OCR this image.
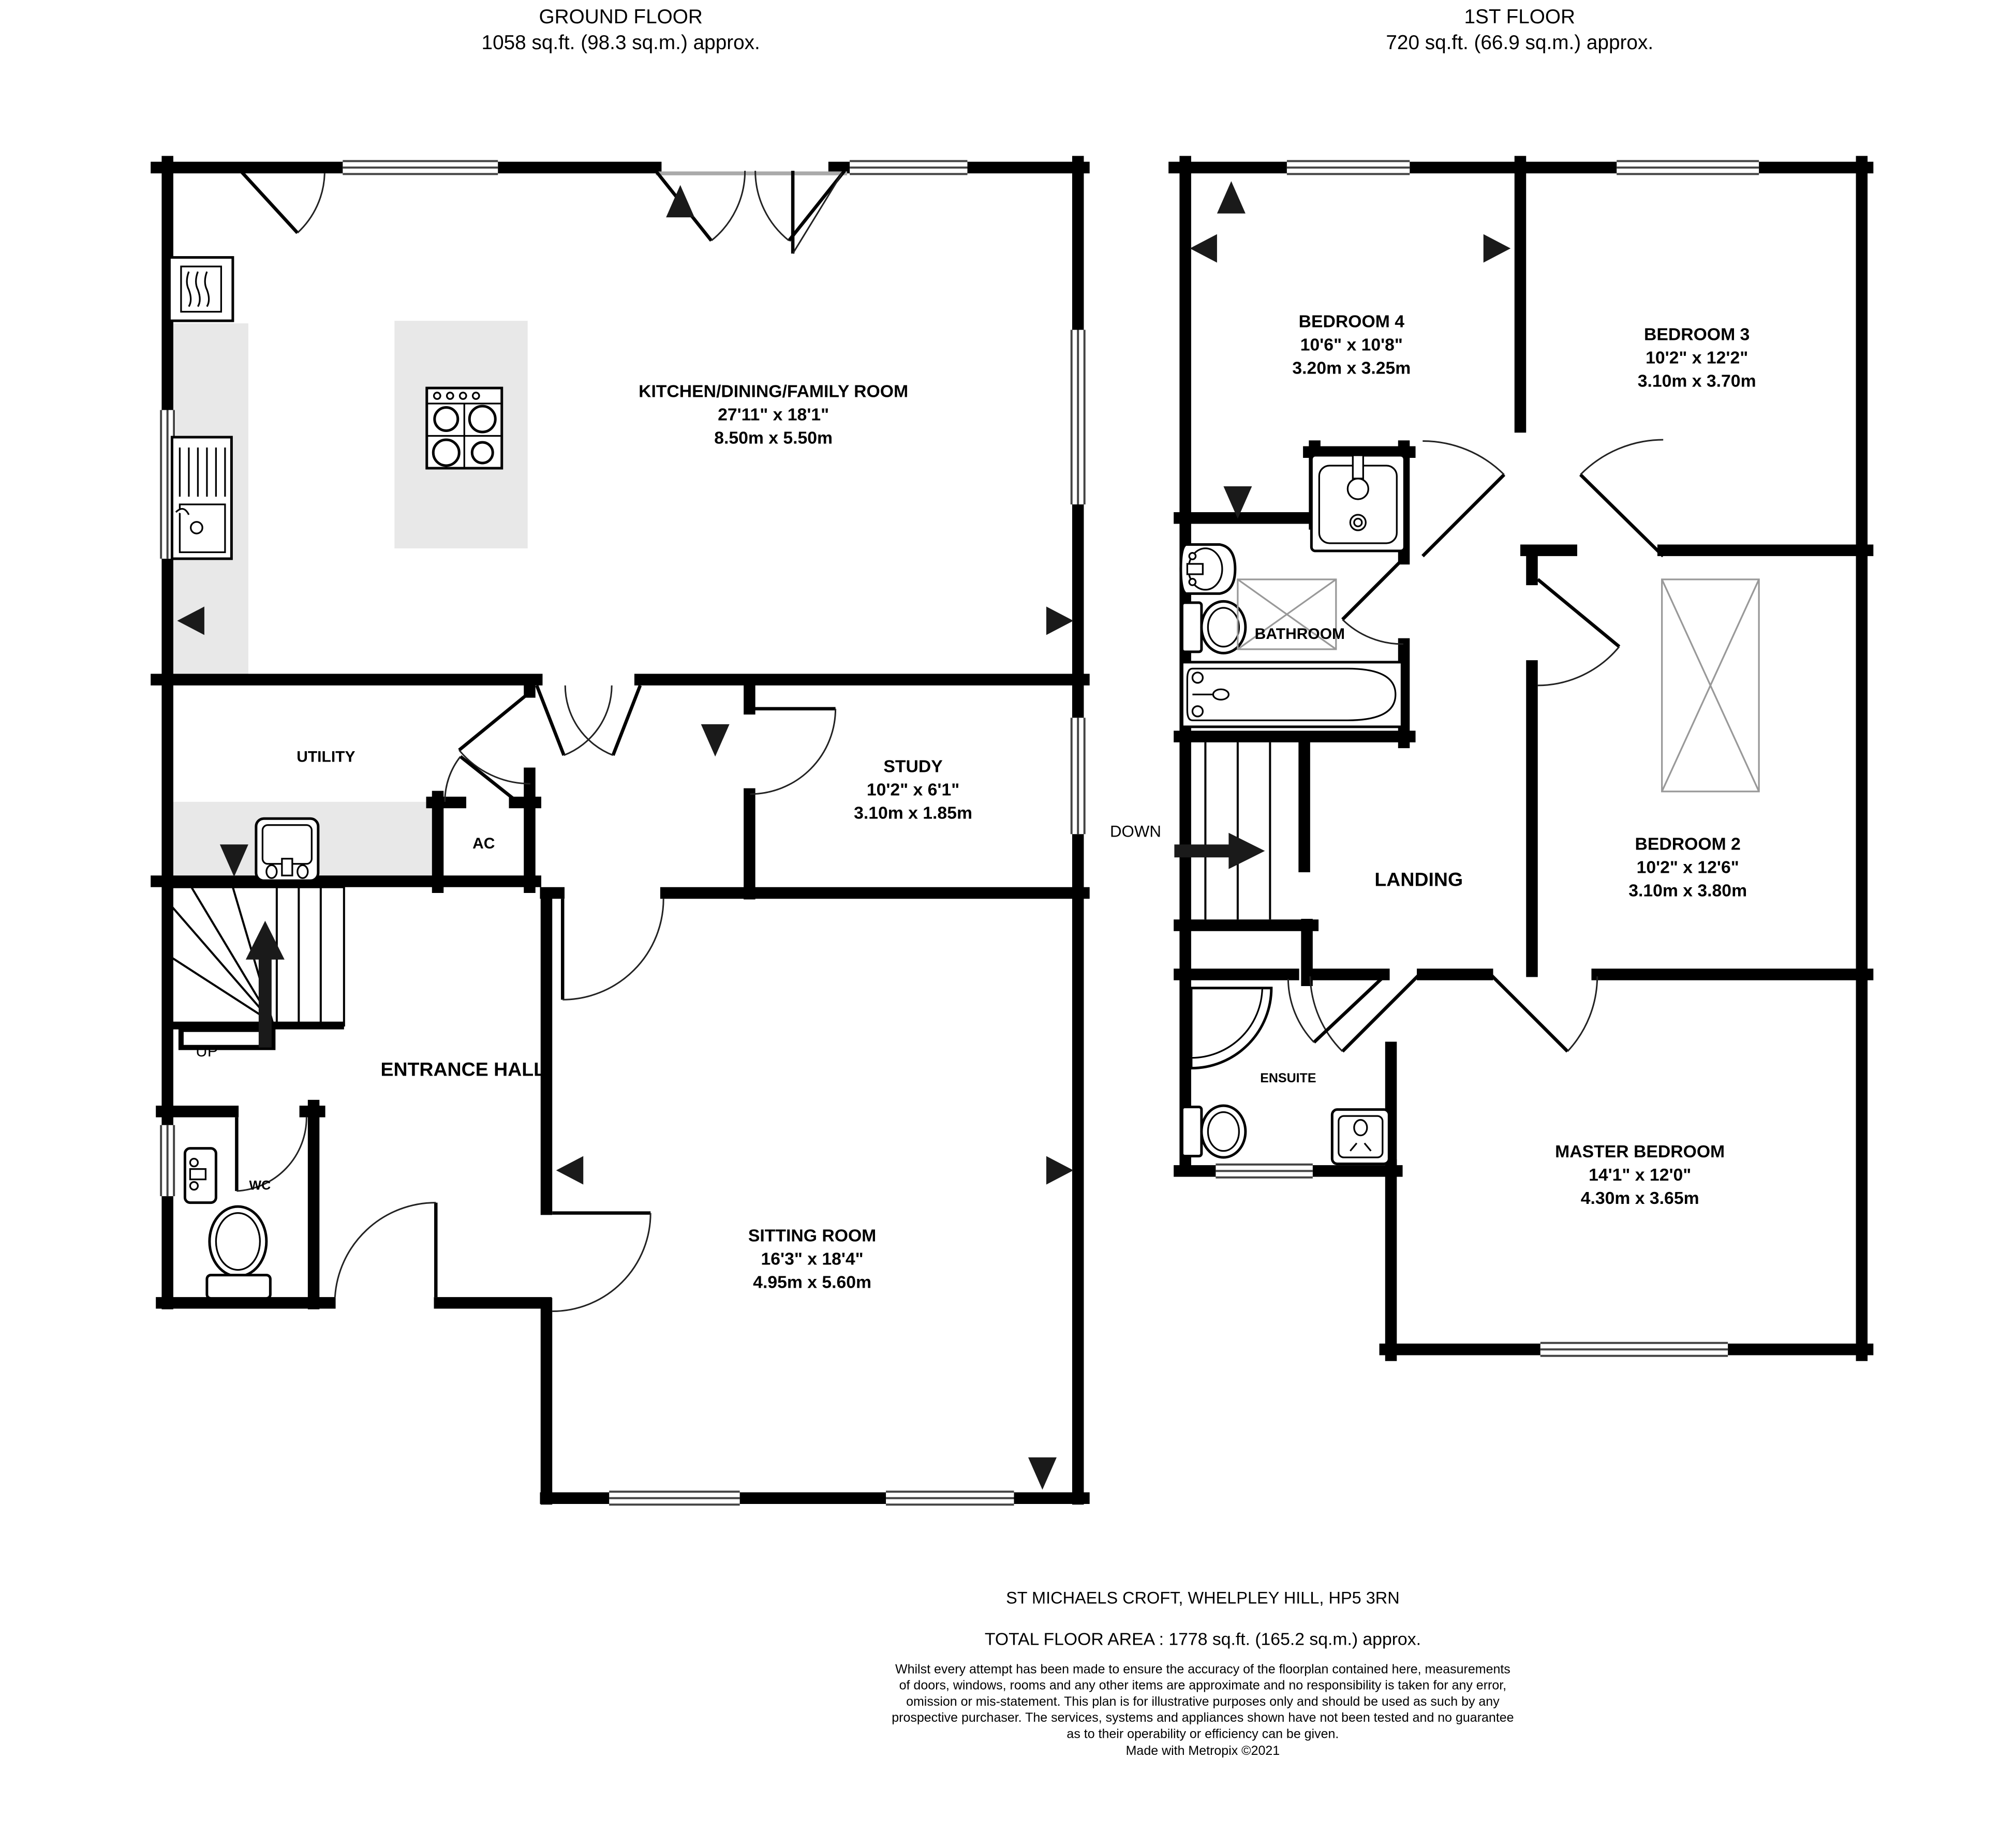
GROUND FLOOR
1058 sq.ft. (98.3 sq.m.) approx.
1ST FLOOR
720 sq.ft. (66.9 sq.m.) approx.
KITCHEN/DINING/FAMILY ROOM
27'11" x 18'1"
8.50m x 5.50m
STUDY
10'2" x 6'1"
3.10m x 1.85m
SITTING ROOM
16'3" x 18'4"
4.95m x 5.60m
UTILITY
AC
ENTRANCE HALL
WC
UP
BEDROOM 4
10'6" x 10'8"
3.20m x 3.25m
BEDROOM 3
10'2" x 12'2"
3.10m x 3.70m
BEDROOM 2
10'2" x 12'6"
3.10m x 3.80m
MASTER BEDROOM
14'1" x 12'0"
4.30m x 3.65m
BATHROOM
ENSUITE
LANDING
DOWN
ST MICHAELS CROFT, WHELPLEY HILL, HP5 3RN
TOTAL FLOOR AREA : 1778 sq.ft. (165.2 sq.m.) approx.
Whilst every attempt has been made to ensure the accuracy of the floorplan contained here, measurements
of doors, windows, rooms and any other items are approximate and no responsibility is taken for any error,
omission or mis-statement. This plan is for illustrative purposes only and should be used as such by any
prospective purchaser. The services, systems and appliances shown have not been tested and no guarantee
as to their operability or efficiency can be given.
Made with Metropix ©2021
